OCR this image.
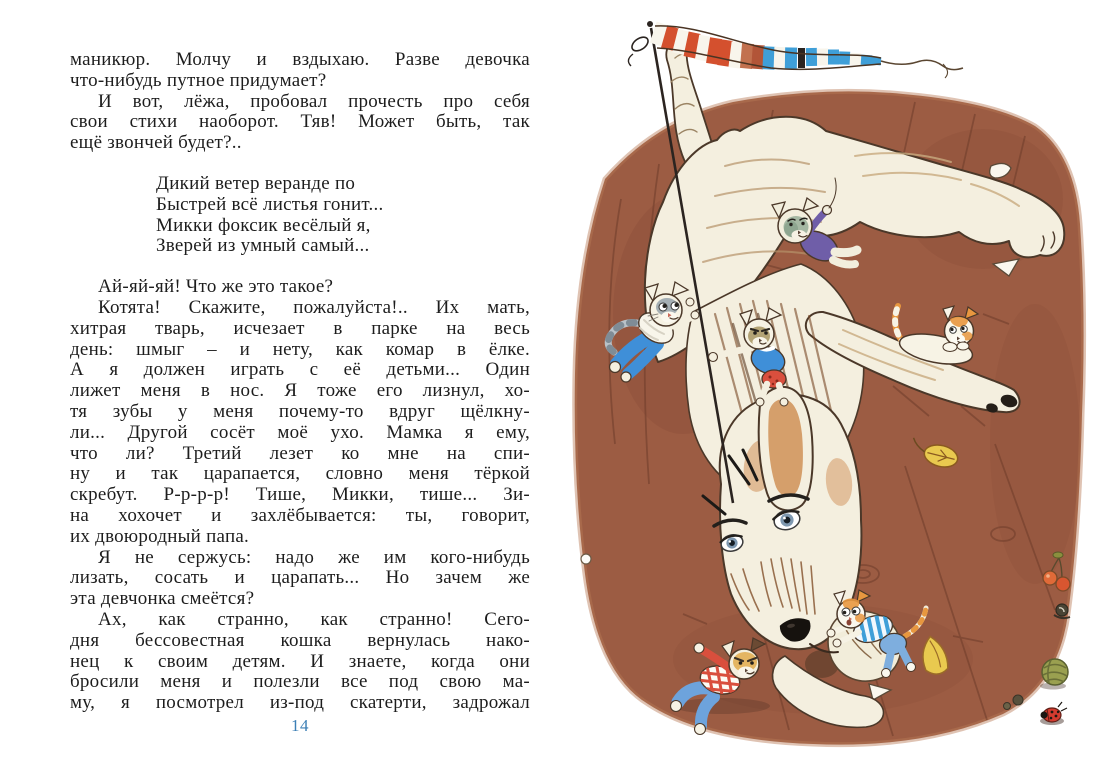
маникюр. Молчу и вздыхаю. Разве девочка
что-нибудь путное придумает?
И вот, лёжа, пробовал прочесть про себя
свои стихи наоборот. Тяв! Может быть, так
ещё звончей будет?..
Дикий ветер веранде по
Быстрей всё листья гонит...
Микки фоксик весёлый я,
Зверей из умный самый...
Ай-яй-яй! Что же это такое?
Котята! Скажите, пожалуйста!.. Их мать,
хитрая тварь, исчезает в парке на весь
день: шмыг – и нету, как комар в ёлке.
А я должен играть с её детьми... Один
лижет меня в нос. Я тоже его лизнул, хо-
тя зубы у меня почему-то вдруг щёлкну-
ли... Другой сосёт моё ухо. Мамка я ему,
что ли? Третий лезет ко мне на спи-
ну и так царапается, словно меня тёркой
скребут. Р-р-р-р! Тише, Микки, тише... Зи-
на хохочет и захлёбывается: ты, говорит,
их двоюродный папа.
Я не сержусь: надо же им кого-нибудь
лизать, сосать и царапать... Но зачем же
эта девчонка смеётся?
Ах, как странно, как странно! Сего-
дня бессовестная кошка вернулась нако-
нец к своим детям. И знаете, когда они
бросили меня и полезли все под свою ма-
му, я посмотрел из-под скатерти, задрожал
14
